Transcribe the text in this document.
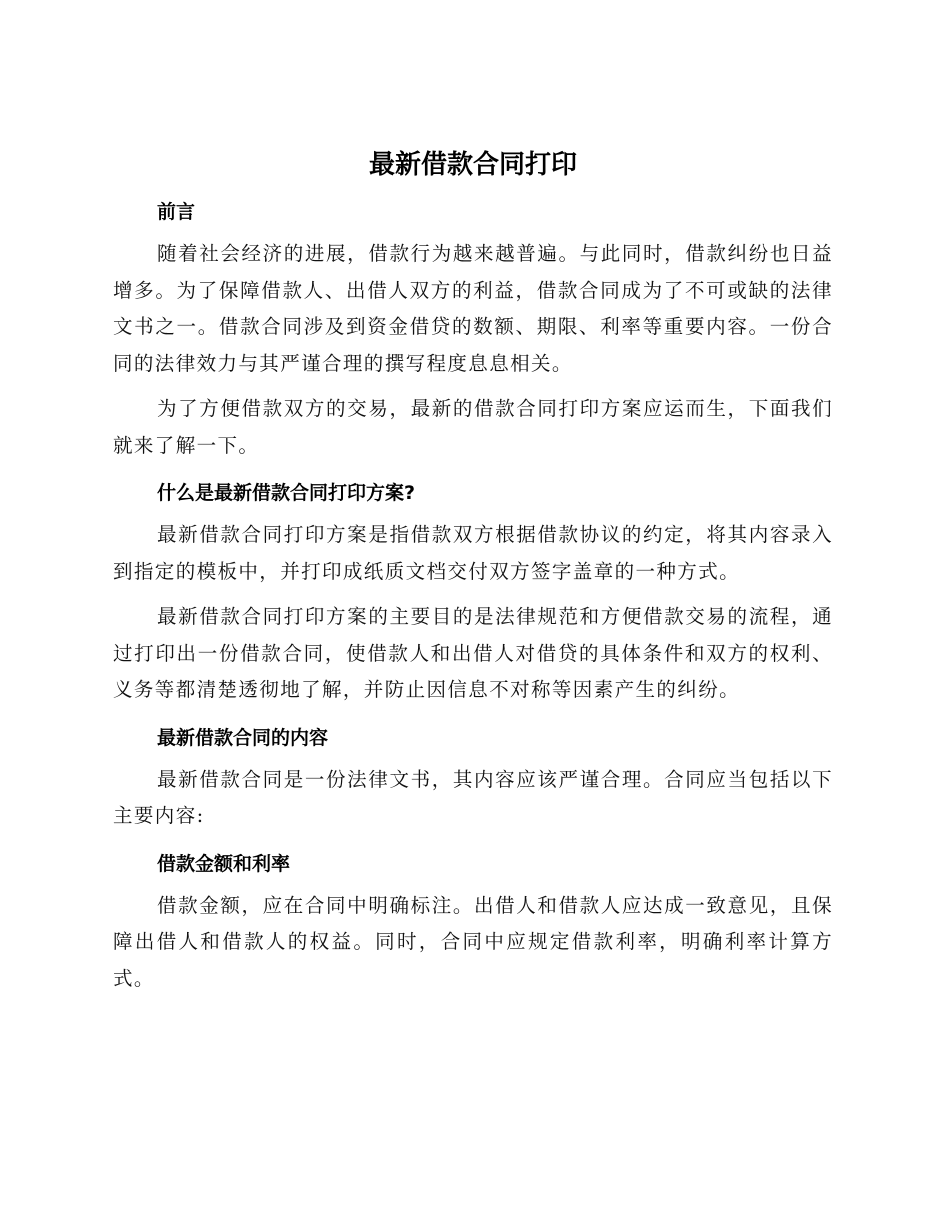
最新借款合同打印
前言

随着社会经济的进展，借款行为越来越普遍。与此同时，借款纠纷也日益增多。为了保障借款人、出借人双方的利益，借款合同成为了不可或缺的法律文书之一。借款合同涉及到资金借贷的数额、期限、利率等重要内容。一份合同的法律效力与其严谨合理的撰写程度息息相关。

为了方便借款双方的交易，最新的借款合同打印方案应运而生，下面我们就来了解一下。

什么是最新借款合同打印方案?

最新借款合同打印方案是指借款双方根据借款协议的约定，将其内容录入到指定的模板中，并打印成纸质文档交付双方签字盖章的一种方式。

最新借款合同打印方案的主要目的是法律规范和方便借款交易的流程，通过打印出一份借款合同，使借款人和出借人对借贷的具体条件和双方的权利、义务等都清楚透彻地了解，并防止因信息不对称等因素产生的纠纷。

最新借款合同的内容

最新借款合同是一份法律文书，其内容应该严谨合理。合同应当包括以下主要内容:

借款金额和利率

借款金额，应在合同中明确标注。出借人和借款人应达成一致意见，且保障出借人和借款人的权益。同时，合同中应规定借款利率，明确利率计算方式。
